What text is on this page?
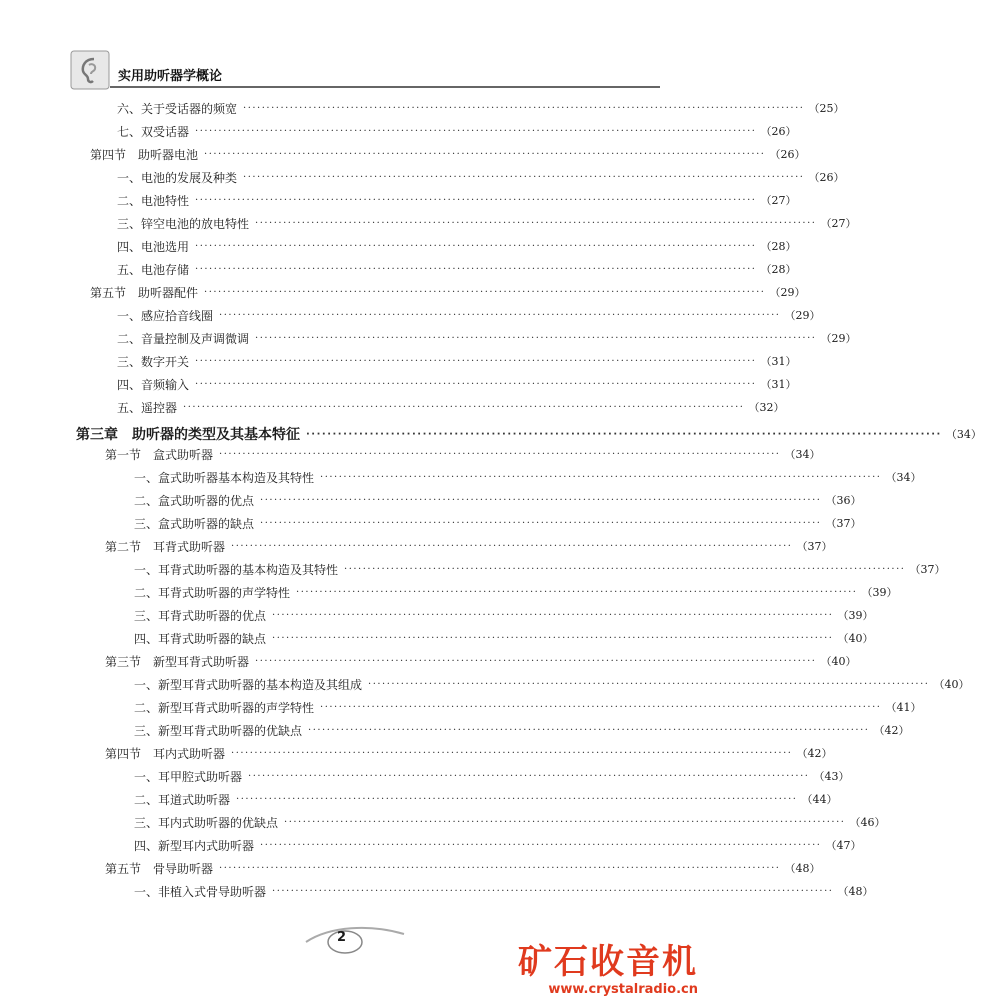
实用助听器学概论
六、关于受话器的频宽 ························································································································ （25）
七、双受话器 ························································································································ （26）
第四节　助听器电池 ························································································································ （26）
一、电池的发展及种类 ························································································································ （26）
二、电池特性 ························································································································ （27）
三、锌空电池的放电特性 ························································································································ （27）
四、电池选用 ························································································································ （28）
五、电池存储 ························································································································ （28）
第五节　助听器配件 ························································································································ （29）
一、感应拾音线圈 ························································································································ （29）
二、音量控制及声调微调 ························································································································ （29）
三、数字开关 ························································································································ （31）
四、音频输入 ························································································································ （31）
五、遥控器 ························································································································ （32）
第三章　助听器的类型及其基本特征 ························································································································ （34）
第一节　盒式助听器 ························································································································ （34）
一、盒式助听器基本构造及其特性 ························································································································ （34）
二、盒式助听器的优点 ························································································································ （36）
三、盒式助听器的缺点 ························································································································ （37）
第二节　耳背式助听器 ························································································································ （37）
一、耳背式助听器的基本构造及其特性 ························································································································ （37）
二、耳背式助听器的声学特性 ························································································································ （39）
三、耳背式助听器的优点 ························································································································ （39）
四、耳背式助听器的缺点 ························································································································ （40）
第三节　新型耳背式助听器 ························································································································ （40）
一、新型耳背式助听器的基本构造及其组成 ························································································································ （40）
二、新型耳背式助听器的声学特性 ························································································································ （41）
三、新型耳背式助听器的优缺点 ························································································································ （42）
第四节　耳内式助听器 ························································································································ （42）
一、耳甲腔式助听器 ························································································································ （43）
二、耳道式助听器 ························································································································ （44）
三、耳内式助听器的优缺点 ························································································································ （46）
四、新型耳内式助听器 ························································································································ （47）
第五节　骨导助听器 ························································································································ （48）
一、非植入式骨导助听器 ························································································································ （48）
2
矿石收音机
www.crystalradio.cn
